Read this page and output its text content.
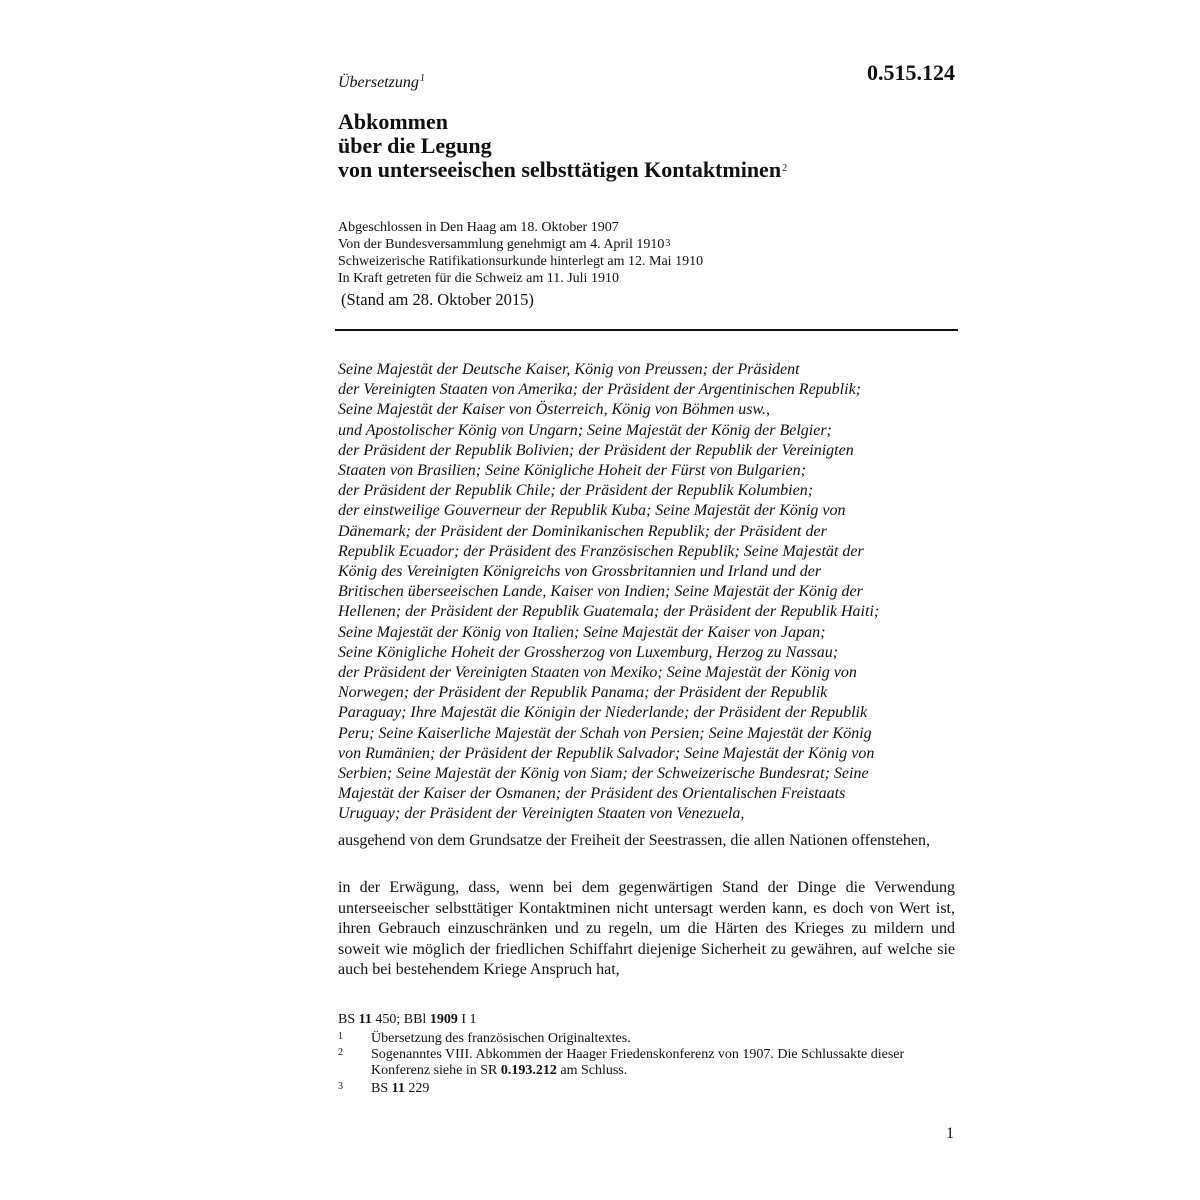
Übersetzung$^1$	0.515.124
Abkommen
über die Legung
von unterseeischen selbsttätigen Kontaktminen$^2$
Abgeschlossen in Den Haag am 18. Oktober 1907
Von der Bundesversammlung genehmigt am 4. April 1910$^3$
Schweizerische Ratifikationsurkunde hinterlegt am 12. Mai 1910
In Kraft getreten für die Schweiz am 11. Juli 1910
(Stand am 28. Oktober 2015)
Seine Majestät der Deutsche Kaiser, König von Preussen; der Präsident
der Vereinigten Staaten von Amerika; der Präsident der Argentinischen Republik;
Seine Majestät der Kaiser von Österreich, König von Böhmen usw.,
und Apostolischer König von Ungarn; Seine Majestät der König der Belgier;
der Präsident der Republik Bolivien; der Präsident der Republik der Vereinigten
Staaten von Brasilien; Seine Königliche Hoheit der Fürst von Bulgarien;
der Präsident der Republik Chile; der Präsident der Republik Kolumbien;
der einstweilige Gouverneur der Republik Kuba; Seine Majestät der König von
Dänemark; der Präsident der Dominikanischen Republik; der Präsident der
Republik Ecuador; der Präsident des Französischen Republik; Seine Majestät der
König des Vereinigten Königreichs von Grossbritannien und Irland und der
Britischen überseeischen Lande, Kaiser von Indien; Seine Majestät der König der
Hellenen; der Präsident der Republik Guatemala; der Präsident der Republik Haiti;
Seine Majestät der König von Italien; Seine Majestät der Kaiser von Japan;
Seine Königliche Hoheit der Grossherzog von Luxemburg, Herzog zu Nassau;
der Präsident der Vereinigten Staaten von Mexiko; Seine Majestät der König von
Norwegen; der Präsident der Republik Panama; der Präsident der Republik
Paraguay; Ihre Majestät die Königin der Niederlande; der Präsident der Republik
Peru; Seine Kaiserliche Majestät der Schah von Persien; Seine Majestät der König
von Rumänien; der Präsident der Republik Salvador; Seine Majestät der König von
Serbien; Seine Majestät der König von Siam; der Schweizerische Bundesrat; Seine
Majestät der Kaiser der Osmanen; der Präsident des Orientalischen Freistaats
Uruguay; der Präsident der Vereinigten Staaten von Venezuela,
ausgehend von dem Grundsatze der Freiheit der Seestrassen, die allen Nationen offenstehen,
in der Erwägung, dass, wenn bei dem gegenwärtigen Stand der Dinge die Verwendung unterseeischer selbsttätiger Kontaktminen nicht untersagt werden kann, es doch von Wert ist, ihren Gebrauch einzuschränken und zu regeln, um die Härten des Krieges zu mildern und soweit wie möglich der friedlichen Schiffahrt diejenige Sicherheit zu gewähren, auf welche sie auch bei bestehendem Kriege Anspruch hat,
BS 11 450; BBl 1909 I 1
1 Übersetzung des französischen Originaltextes.
2 Sogenanntes VIII. Abkommen der Haager Friedenskonferenz von 1907. Die Schlussakte dieser Konferenz siehe in SR 0.193.212 am Schluss.
3 BS 11 229
1
